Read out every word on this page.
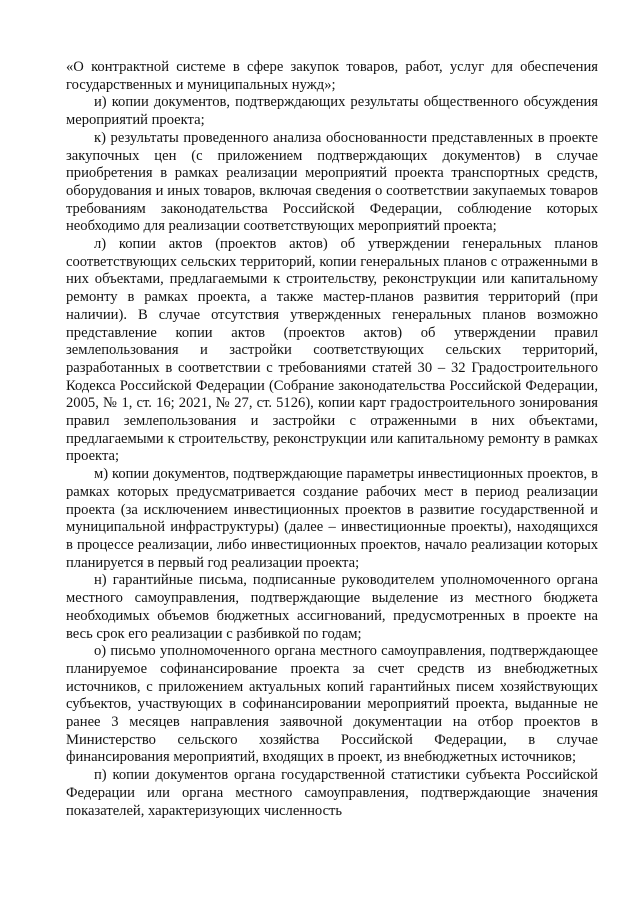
«О контрактной системе в сфере закупок товаров, работ, услуг для обеспечения государственных и муниципальных нужд»;

и) копии документов, подтверждающих результаты общественного обсуждения мероприятий проекта;

к) результаты проведенного анализа обоснованности представленных в проекте закупочных цен (с приложением подтверждающих документов) в случае приобретения в рамках реализации мероприятий проекта транспортных средств, оборудования и иных товаров, включая сведения о соответствии закупаемых товаров требованиям законодательства Российской Федерации, соблюдение которых необходимо для реализации соответствующих мероприятий проекта;

л) копии актов (проектов актов) об утверждении генеральных планов соответствующих сельских территорий, копии генеральных планов с отраженными в них объектами, предлагаемыми к строительству, реконструкции или капитальному ремонту в рамках проекта, а также мастер-планов развития территорий (при наличии). В случае отсутствия утвержденных генеральных планов возможно представление копии актов (проектов актов) об утверждении правил землепользования и застройки соответствующих сельских территорий, разработанных в соответствии с требованиями статей 30 – 32 Градостроительного Кодекса Российской Федерации (Собрание законодательства Российской Федерации, 2005, № 1, ст. 16; 2021, № 27, ст. 5126), копии карт градостроительного зонирования правил землепользования и застройки с отраженными в них объектами, предлагаемыми к строительству, реконструкции или капитальному ремонту в рамках проекта;

м) копии документов, подтверждающие параметры инвестиционных проектов, в рамках которых предусматривается создание рабочих мест в период реализации проекта (за исключением инвестиционных проектов в развитие государственной и муниципальной инфраструктуры) (далее – инвестиционные проекты), находящихся в процессе реализации, либо инвестиционных проектов, начало реализации которых планируется в первый год реализации проекта;

н) гарантийные письма, подписанные руководителем уполномоченного органа местного самоуправления, подтверждающие выделение из местного бюджета необходимых объемов бюджетных ассигнований, предусмотренных в проекте на весь срок его реализации с разбивкой по годам;

о) письмо уполномоченного органа местного самоуправления, подтверждающее планируемое софинансирование проекта за счет средств из внебюджетных источников, с приложением актуальных копий гарантийных писем хозяйствующих субъектов, участвующих в софинансировании мероприятий проекта, выданные не ранее 3 месяцев направления заявочной документации на отбор проектов в Министерство сельского хозяйства Российской Федерации, в случае финансирования мероприятий, входящих в проект, из внебюджетных источников;

п) копии документов органа государственной статистики субъекта Российской Федерации или органа местного самоуправления, подтверждающие значения показателей, характеризующих численность
